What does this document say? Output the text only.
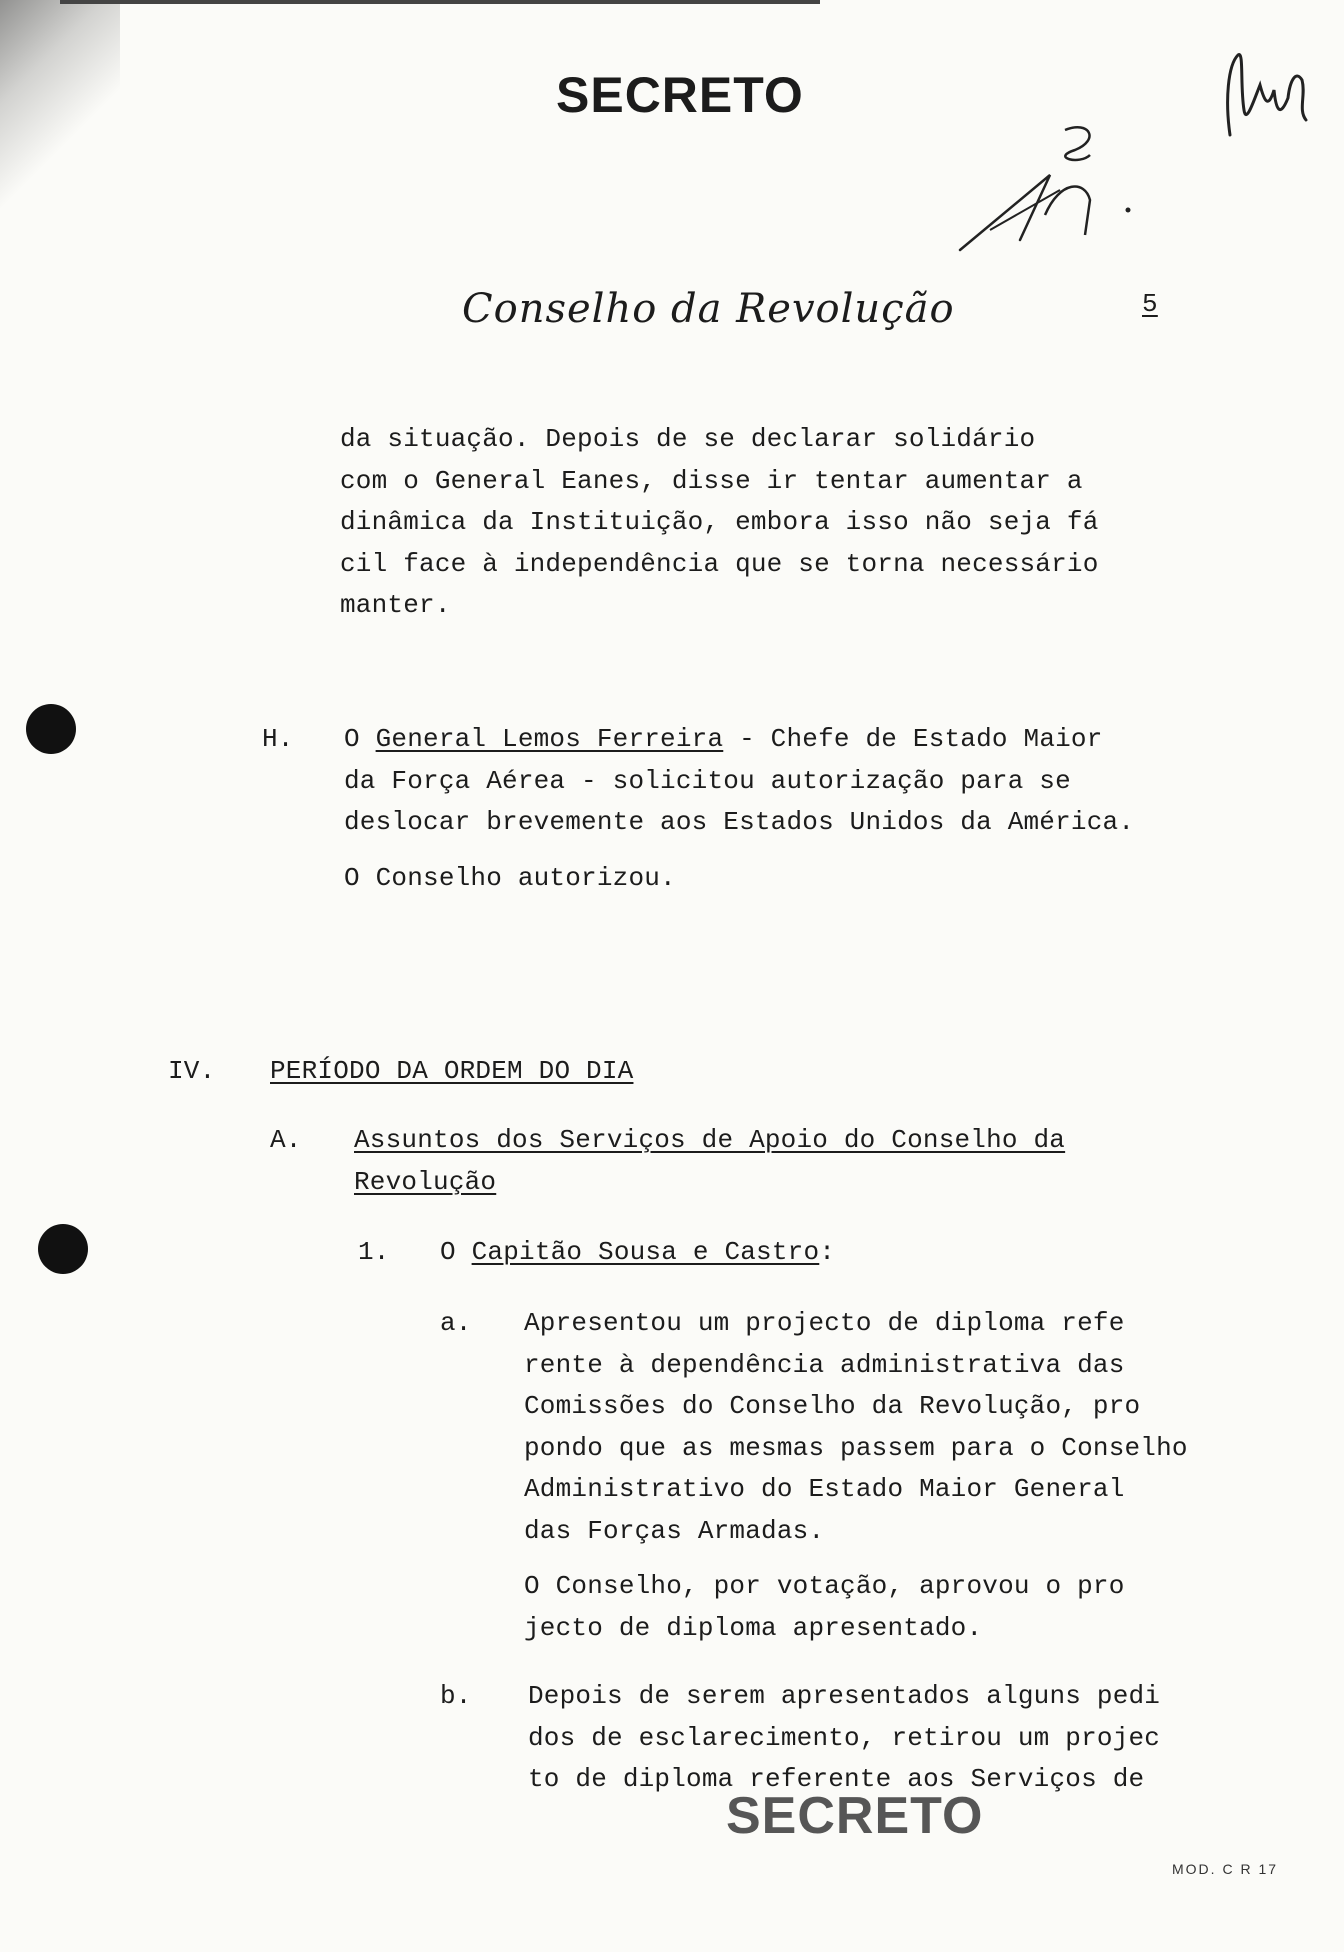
SECRETO
Conselho da Revolução	5
da situação. Depois de se declarar solidário
com o General Eanes, disse ir tentar aumentar a
dinâmica da Instituição, embora isso não seja fá
cil face à independência que se torna necessário
manter.
H. O General Lemos Ferreira - Chefe de Estado Maior
da Força Aérea - solicitou autorização para se
deslocar brevemente aos Estados Unidos da América.
O Conselho autorizou.
IV. PERÍODO DA ORDEM DO DIA
A. Assuntos dos Serviços de Apoio do Conselho da
Revolução
1. O Capitão Sousa e Castro:
a. Apresentou um projecto de diploma refe
rente à dependência administrativa das
Comissões do Conselho da Revolução, pro
pondo que as mesmas passem para o Conselho
Administrativo do Estado Maior General
das Forças Armadas.
O Conselho, por votação, aprovou o pro
jecto de diploma apresentado.
b. Depois de serem apresentados alguns pedi
dos de esclarecimento, retirou um projec
to de diploma referente aos Serviços de
SECRETO
MOD. C R 17
